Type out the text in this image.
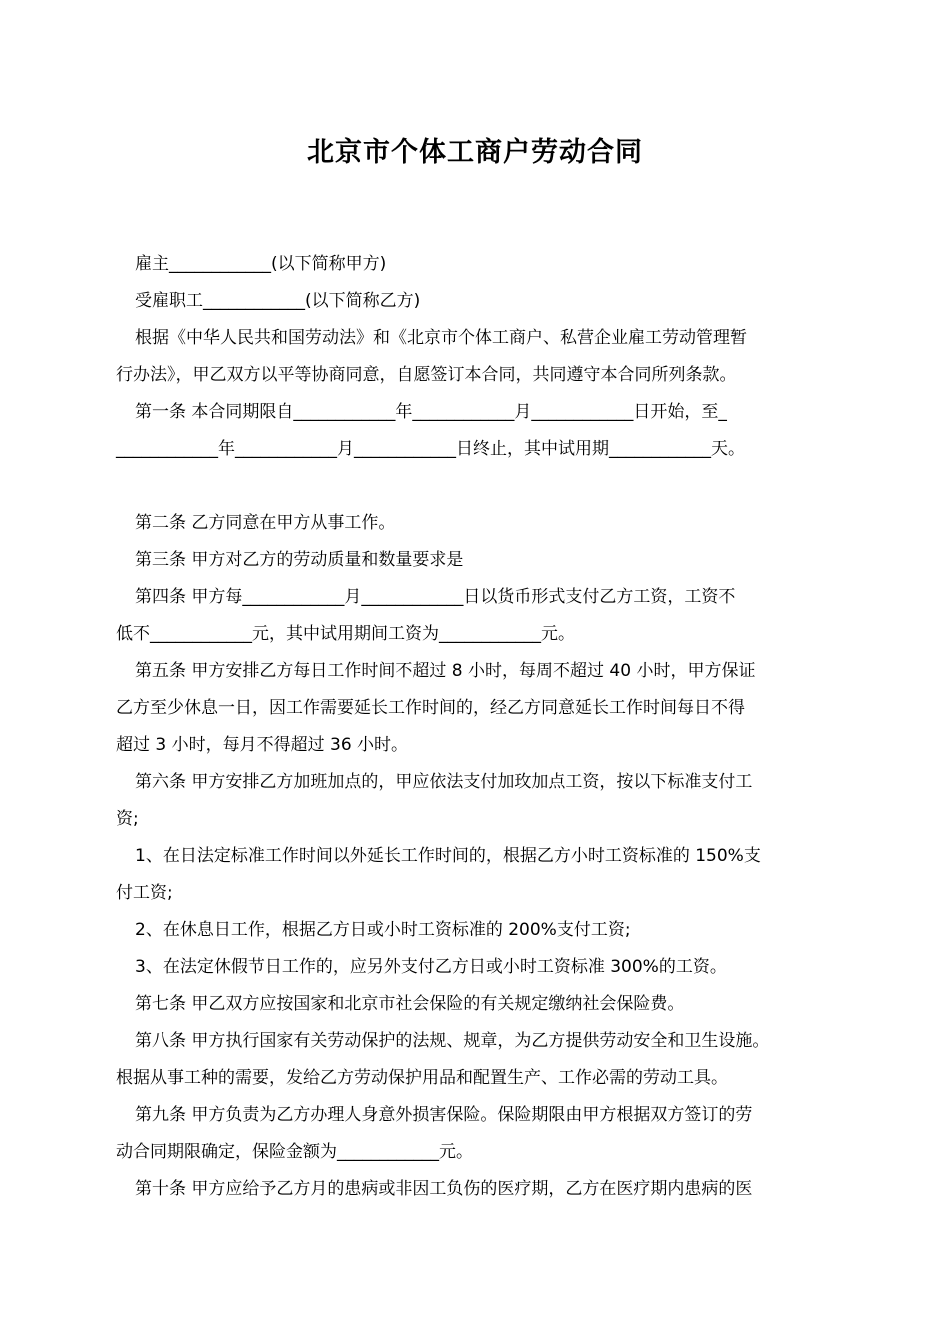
北京市个体工商户劳动合同
雇主____________(以下简称甲方)
受雇职工____________(以下简称乙方)
根据《中华人民共和国劳动法》和《北京市个体工商户、私营企业雇工劳动管理暂
行办法》，甲乙双方以平等协商同意，自愿签订本合同，共同遵守本合同所列条款。
第一条 本合同期限自____________年____________月____________日开始，至_
____________年____________月____________日终止，其中试用期____________天。
第二条 乙方同意在甲方从事工作。
第三条 甲方对乙方的劳动质量和数量要求是
第四条 甲方每____________月____________日以货币形式支付乙方工资，工资不
低不____________元，其中试用期间工资为____________元。
第五条 甲方安排乙方每日工作时间不超过 8 小时，每周不超过 40 小时，甲方保证
乙方至少休息一日，因工作需要延长工作时间的，经乙方同意延长工作时间每日不得
超过 3 小时，每月不得超过 36 小时。
第六条 甲方安排乙方加班加点的，甲应依法支付加玫加点工资，按以下标准支付工
资;
1、在日法定标准工作时间以外延长工作时间的，根据乙方小时工资标准的 150%支
付工资;
2、在休息日工作，根据乙方日或小时工资标准的 200%支付工资;
3、在法定休假节日工作的，应另外支付乙方日或小时工资标准 300%的工资。
第七条 甲乙双方应按国家和北京市社会保险的有关规定缴纳社会保险费。
第八条 甲方执行国家有关劳动保护的法规、规章，为乙方提供劳动安全和卫生设施。
根据从事工种的需要，发给乙方劳动保护用品和配置生产、工作必需的劳动工具。
第九条 甲方负责为乙方办理人身意外损害保险。保险期限由甲方根据双方签订的劳
动合同期限确定，保险金额为____________元。
第十条 甲方应给予乙方月的患病或非因工负伤的医疗期，乙方在医疗期内患病的医
